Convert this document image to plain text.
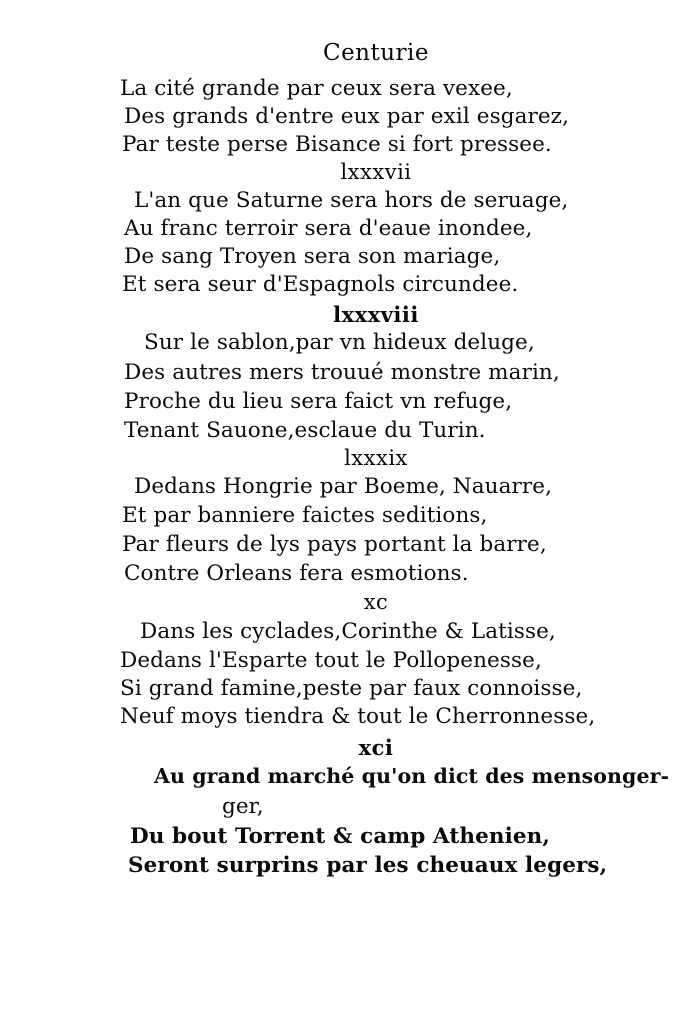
Centurie
La cité grande par ceux sera vexee,
Des grands d'entre eux par exil esgarez,
Par teste perse Bisance si fort pressee.
lxxxvii
L'an que Saturne sera hors de seruage,
Au franc terroir sera d'eaue inondee,
De sang Troyen sera son mariage,
Et sera seur d'Espagnols circundee.
lxxxviii
Sur le sablon,par vn hideux deluge,
Des autres mers trouué monstre marin,
Proche du lieu sera faict vn refuge,
Tenant Sauone,esclaue du Turin.
lxxxix
Dedans Hongrie par Boeme, Nauarre,
Et par banniere faictes seditions,
Par fleurs de lys pays portant la barre,
Contre Orleans fera esmotions.
xc
Dans les cyclades,Corinthe & Latisse,
Dedans l'Esparte tout le Pollopenesse,
Si grand famine,peste par faux connoisse,
Neuf moys tiendra & tout le Cherronnesse,
xci
Au grand marché qu'on dict des mensonger-
ger,
Du bout Torrent & camp Athenien,
Seront surprins par les cheuaux legers,
